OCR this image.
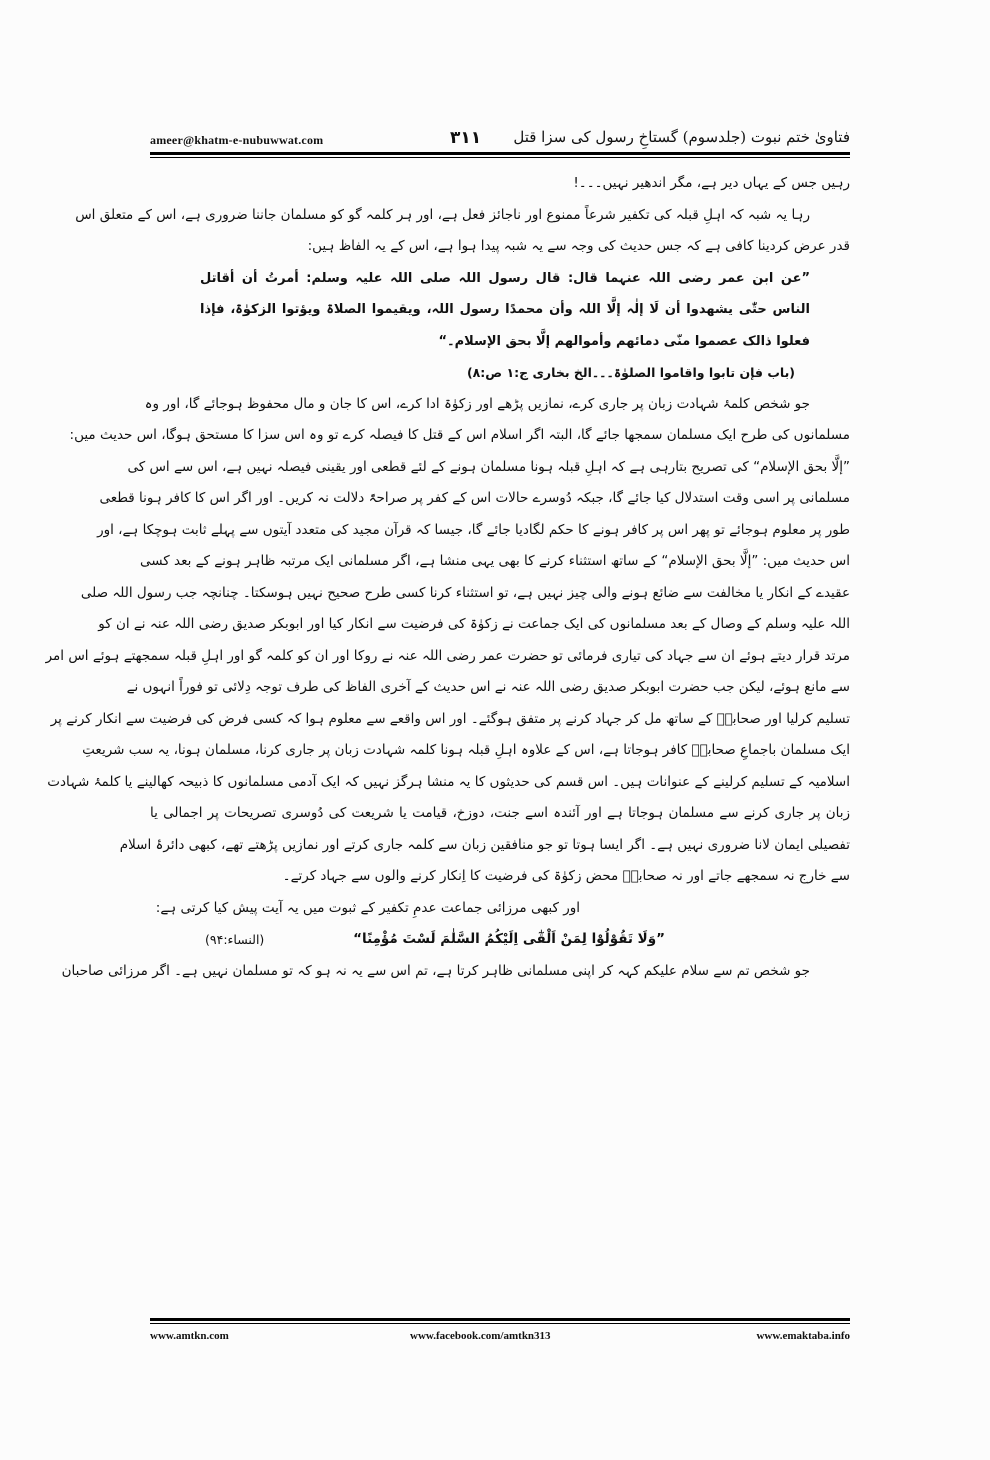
ameer@khatm-e-nubuwwat.com	۳۱۱ فتاویٰ ختم نبوت (جلدسوم) گستاخِ رسول کی سزا قتل
رہیں جس کے یہاں دیر ہے، مگر اندھیر نہیں۔۔۔!
رہا یہ شبہ کہ اہلِ قبلہ کی تکفیر شرعاً ممنوع اور ناجائز فعل ہے، اور ہر کلمہ گو کو مسلمان جاننا ضروری ہے، اس کے متعلق اس
قدر عرض کردینا کافی ہے کہ جس حدیث کی وجہ سے یہ شبہ پیدا ہوا ہے، اس کے یہ الفاظ ہیں:
”عن ابن عمر رضی اللہ عنہما قال: قال رسول اللہ صلی اللہ علیہ وسلم: أمرتُ أن أقاتل
الناس حتّٰی یشھدوا أن لَا إلٰہ إلَّا اللہ وأن محمدًا رسول اللہ، ویقیموا الصلاۃ ویؤتوا الزکوٰۃ، فإذا
فعلوا ذالک عصموا منّی دمائھم وأموالھم إلَّا بحق الإسلام۔“
(باب فإن تابوا واقاموا الصلوٰۃ۔۔۔الخ بخاری ج:۱ ص:۸)
جو شخص کلمۂ شہادت زبان پر جاری کرے، نمازیں پڑھے اور زکوٰۃ ادا کرے، اس کا جان و مال محفوظ ہوجائے گا، اور وہ
مسلمانوں کی طرح ایک مسلمان سمجھا جائے گا، البتہ اگر اسلام اس کے قتل کا فیصلہ کرے تو وہ اس سزا کا مستحق ہوگا، اس حدیث میں:
”إلَّا بحق الإسلام“ کی تصریح بتارہی ہے کہ اہلِ قبلہ ہونا مسلمان ہونے کے لئے قطعی اور یقینی فیصلہ نہیں ہے، اس سے اس کی
مسلمانی پر اسی وقت استدلال کیا جائے گا، جبکہ دُوسرے حالات اس کے کفر پر صراحۃً دلالت نہ کریں۔ اور اگر اس کا کافر ہونا قطعی
طور پر معلوم ہوجائے تو پھر اس پر کافر ہونے کا حکم لگادیا جائے گا، جیسا کہ قرآن مجید کی متعدد آیتوں سے پہلے ثابت ہوچکا ہے، اور
اس حدیث میں: ”إلَّا بحق الإسلام“ کے ساتھ استثناء کرنے کا بھی یہی منشا ہے، اگر مسلمانی ایک مرتبہ ظاہر ہونے کے بعد کسی
عقیدے کے انکار یا مخالفت سے ضائع ہونے والی چیز نہیں ہے، تو استثناء کرنا کسی طرح صحیح نہیں ہوسکتا۔ چنانچہ جب رسول اللہ صلی
اللہ علیہ وسلم کے وصال کے بعد مسلمانوں کی ایک جماعت نے زکوٰۃ کی فرضیت سے انکار کیا اور ابوبکر صدیق رضی اللہ عنہ نے ان کو
مرتد قرار دیتے ہوئے ان سے جہاد کی تیاری فرمائی تو حضرت عمر رضی اللہ عنہ نے روکا اور ان کو کلمہ گو اور اہلِ قبلہ سمجھتے ہوئے اس امر
سے مانع ہوئے، لیکن جب حضرت ابوبکر صدیق رضی اللہ عنہ نے اس حدیث کے آخری الفاظ کی طرف توجہ دِلائی تو فوراً انہوں نے
تسلیم کرلیا اور صحابہؓ کے ساتھ مل کر جہاد کرنے پر متفق ہوگئے۔ اور اس واقعے سے معلوم ہوا کہ کسی فرض کی فرضیت سے انکار کرنے پر
ایک مسلمان باجماعِ صحابہؓ کافر ہوجاتا ہے، اس کے علاوہ اہلِ قبلہ ہونا کلمہ شہادت زبان پر جاری کرنا، مسلمان ہونا، یہ سب شریعتِ
اسلامیہ کے تسلیم کرلینے کے عنوانات ہیں۔ اس قسم کی حدیثوں کا یہ منشا ہرگز نہیں کہ ایک آدمی مسلمانوں کا ذبیحہ کھالینے یا کلمۂ شہادت
زبان پر جاری کرنے سے مسلمان ہوجاتا ہے اور آئندہ اسے جنت، دوزخ، قیامت یا شریعت کی دُوسری تصریحات پر اجمالی یا
تفصیلی ایمان لانا ضروری نہیں ہے۔ اگر ایسا ہوتا تو جو منافقین زبان سے کلمہ جاری کرتے اور نمازیں پڑھتے تھے، کبھی دائرۂ اسلام
سے خارج نہ سمجھے جاتے اور نہ صحابہؓ محض زکوٰۃ کی فرضیت کا اِنکار کرنے والوں سے جہاد کرتے۔
اور کبھی مرزائی جماعت عدمِ تکفیر کے ثبوت میں یہ آیت پیش کیا کرتی ہے:
”وَلَا تَقُوْلُوْا لِمَنْ اَلْقٰٓی اِلَیْکُمُ السَّلٰمَ لَسْتَ مُؤْمِنًا“
(النساء:۹۴)
جو شخص تم سے سلام علیکم کہہ کر اپنی مسلمانی ظاہر کرتا ہے، تم اس سے یہ نہ ہو کہ تو مسلمان نہیں ہے۔ اگر مرزائی صاحبان
www.amtkn.com	www.facebook.com/amtkn313	www.emaktaba.info
